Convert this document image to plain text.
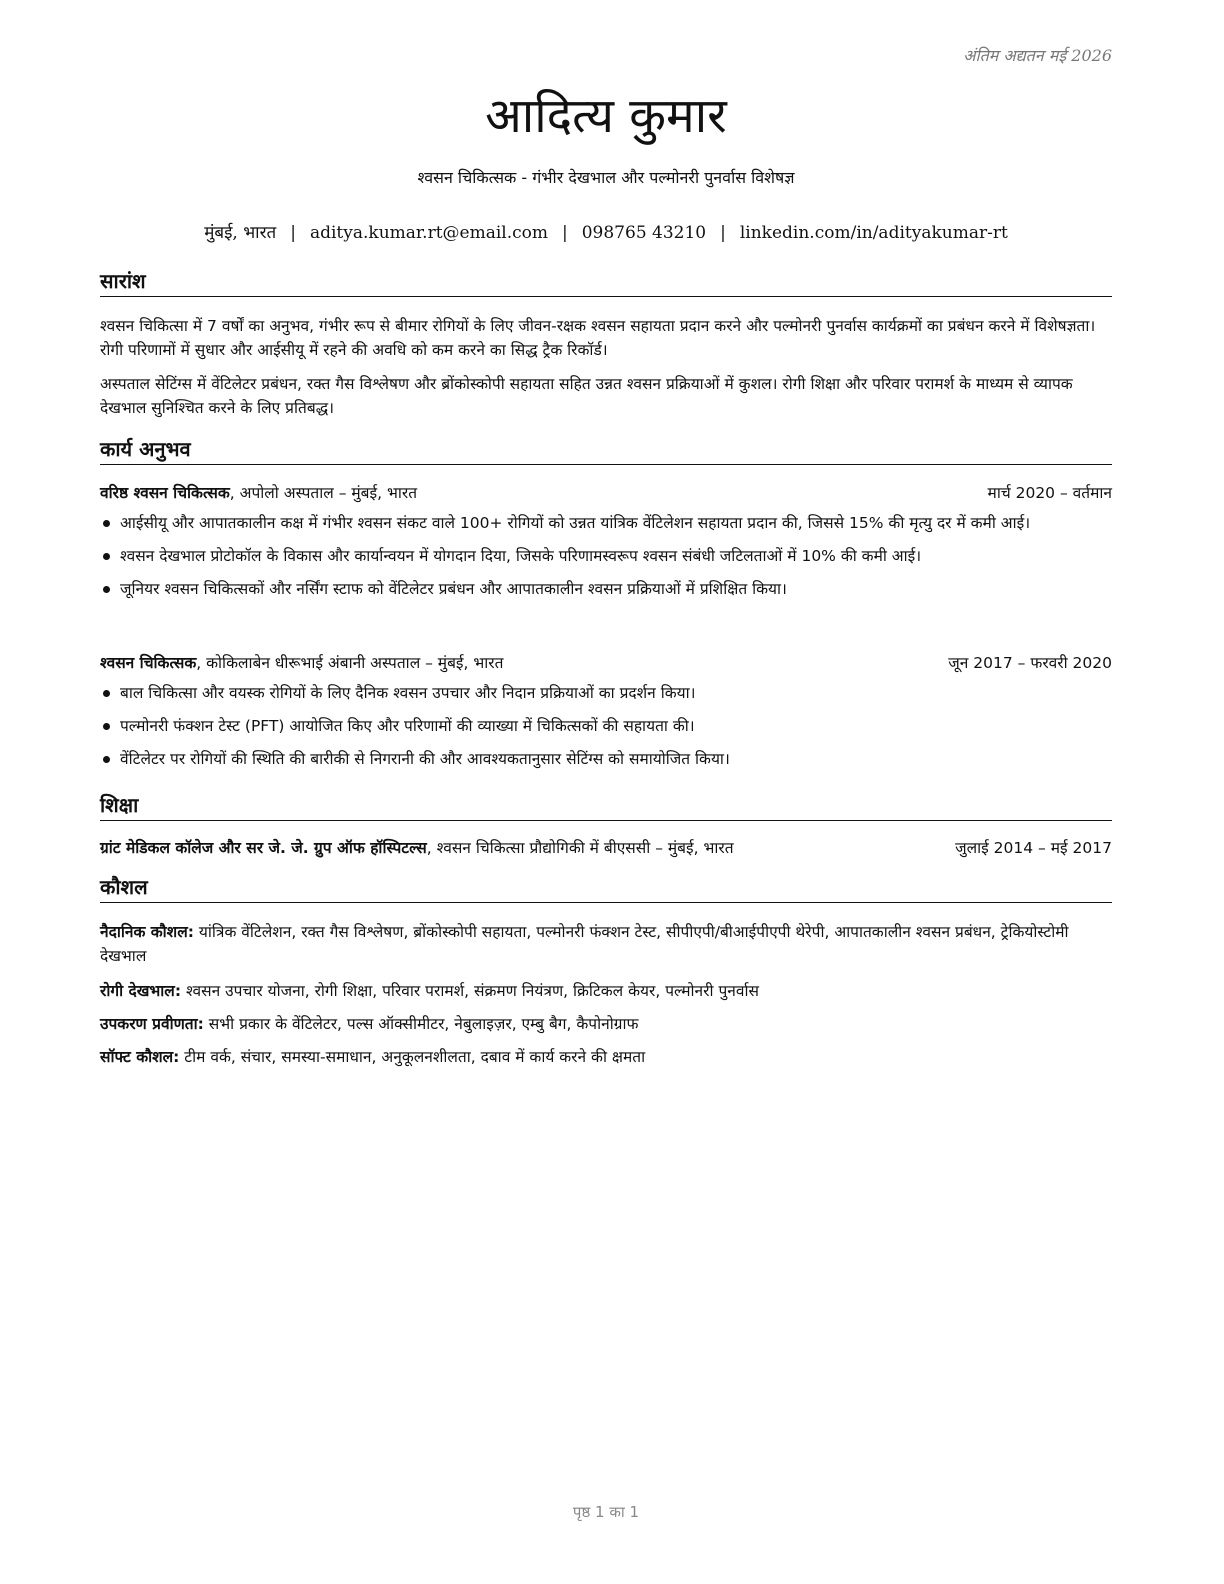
अंतिम अद्यतन मई 2026
आदित्य कुमार
श्वसन चिकित्सक - गंभीर देखभाल और पल्मोनरी पुनर्वास विशेषज्ञ
मुंबई, भारत | aditya.kumar.rt@email.com | 098765 43210 | linkedin.com/in/adityakumar-rt
सारांश

श्वसन चिकित्सा में 7 वर्षों का अनुभव, गंभीर रूप से बीमार रोगियों के लिए जीवन-रक्षक श्वसन सहायता प्रदान करने और पल्मोनरी पुनर्वास कार्यक्रमों का प्रबंधन करने में विशेषज्ञता। रोगी परिणामों में सुधार और आईसीयू में रहने की अवधि को कम करने का सिद्ध ट्रैक रिकॉर्ड।

अस्पताल सेटिंग्स में वेंटिलेटर प्रबंधन, रक्त गैस विश्लेषण और ब्रोंकोस्कोपी सहायता सहित उन्नत श्वसन प्रक्रियाओं में कुशल। रोगी शिक्षा और परिवार परामर्श के माध्यम से व्यापक देखभाल सुनिश्चित करने के लिए प्रतिबद्ध।

कार्य अनुभव
वरिष्ठ श्वसन चिकित्सक, अपोलो अस्पताल – मुंबई, भारत	मार्च 2020 – वर्तमान
आईसीयू और आपातकालीन कक्ष में गंभीर श्वसन संकट वाले 100+ रोगियों को उन्नत यांत्रिक वेंटिलेशन सहायता प्रदान की, जिससे 15% की मृत्यु दर में कमी आई।
श्वसन देखभाल प्रोटोकॉल के विकास और कार्यान्वयन में योगदान दिया, जिसके परिणामस्वरूप श्वसन संबंधी जटिलताओं में 10% की कमी आई।
जूनियर श्वसन चिकित्सकों और नर्सिंग स्टाफ को वेंटिलेटर प्रबंधन और आपातकालीन श्वसन प्रक्रियाओं में प्रशिक्षित किया।
श्वसन चिकित्सक, कोकिलाबेन धीरूभाई अंबानी अस्पताल – मुंबई, भारत	जून 2017 – फरवरी 2020
बाल चिकित्सा और वयस्क रोगियों के लिए दैनिक श्वसन उपचार और निदान प्रक्रियाओं का प्रदर्शन किया।
पल्मोनरी फंक्शन टेस्ट (PFT) आयोजित किए और परिणामों की व्याख्या में चिकित्सकों की सहायता की।
वेंटिलेटर पर रोगियों की स्थिति की बारीकी से निगरानी की और आवश्यकतानुसार सेटिंग्स को समायोजित किया।
शिक्षा
ग्रांट मेडिकल कॉलेज और सर जे. जे. ग्रुप ऑफ हॉस्पिटल्स, श्वसन चिकित्सा प्रौद्योगिकी में बीएससी – मुंबई, भारत	जुलाई 2014 – मई 2017
कौशल
नैदानिक कौशल: यांत्रिक वेंटिलेशन, रक्त गैस विश्लेषण, ब्रोंकोस्कोपी सहायता, पल्मोनरी फंक्शन टेस्ट, सीपीएपी/बीआईपीएपी थेरेपी, आपातकालीन श्वसन प्रबंधन, ट्रेकियोस्टोमी देखभाल
रोगी देखभाल: श्वसन उपचार योजना, रोगी शिक्षा, परिवार परामर्श, संक्रमण नियंत्रण, क्रिटिकल केयर, पल्मोनरी पुनर्वास
उपकरण प्रवीणता: सभी प्रकार के वेंटिलेटर, पल्स ऑक्सीमीटर, नेबुलाइज़र, एम्बु बैग, कैपोनोग्राफ
सॉफ्ट कौशल: टीम वर्क, संचार, समस्या-समाधान, अनुकूलनशीलता, दबाव में कार्य करने की क्षमता
पृष्ठ 1 का 1
